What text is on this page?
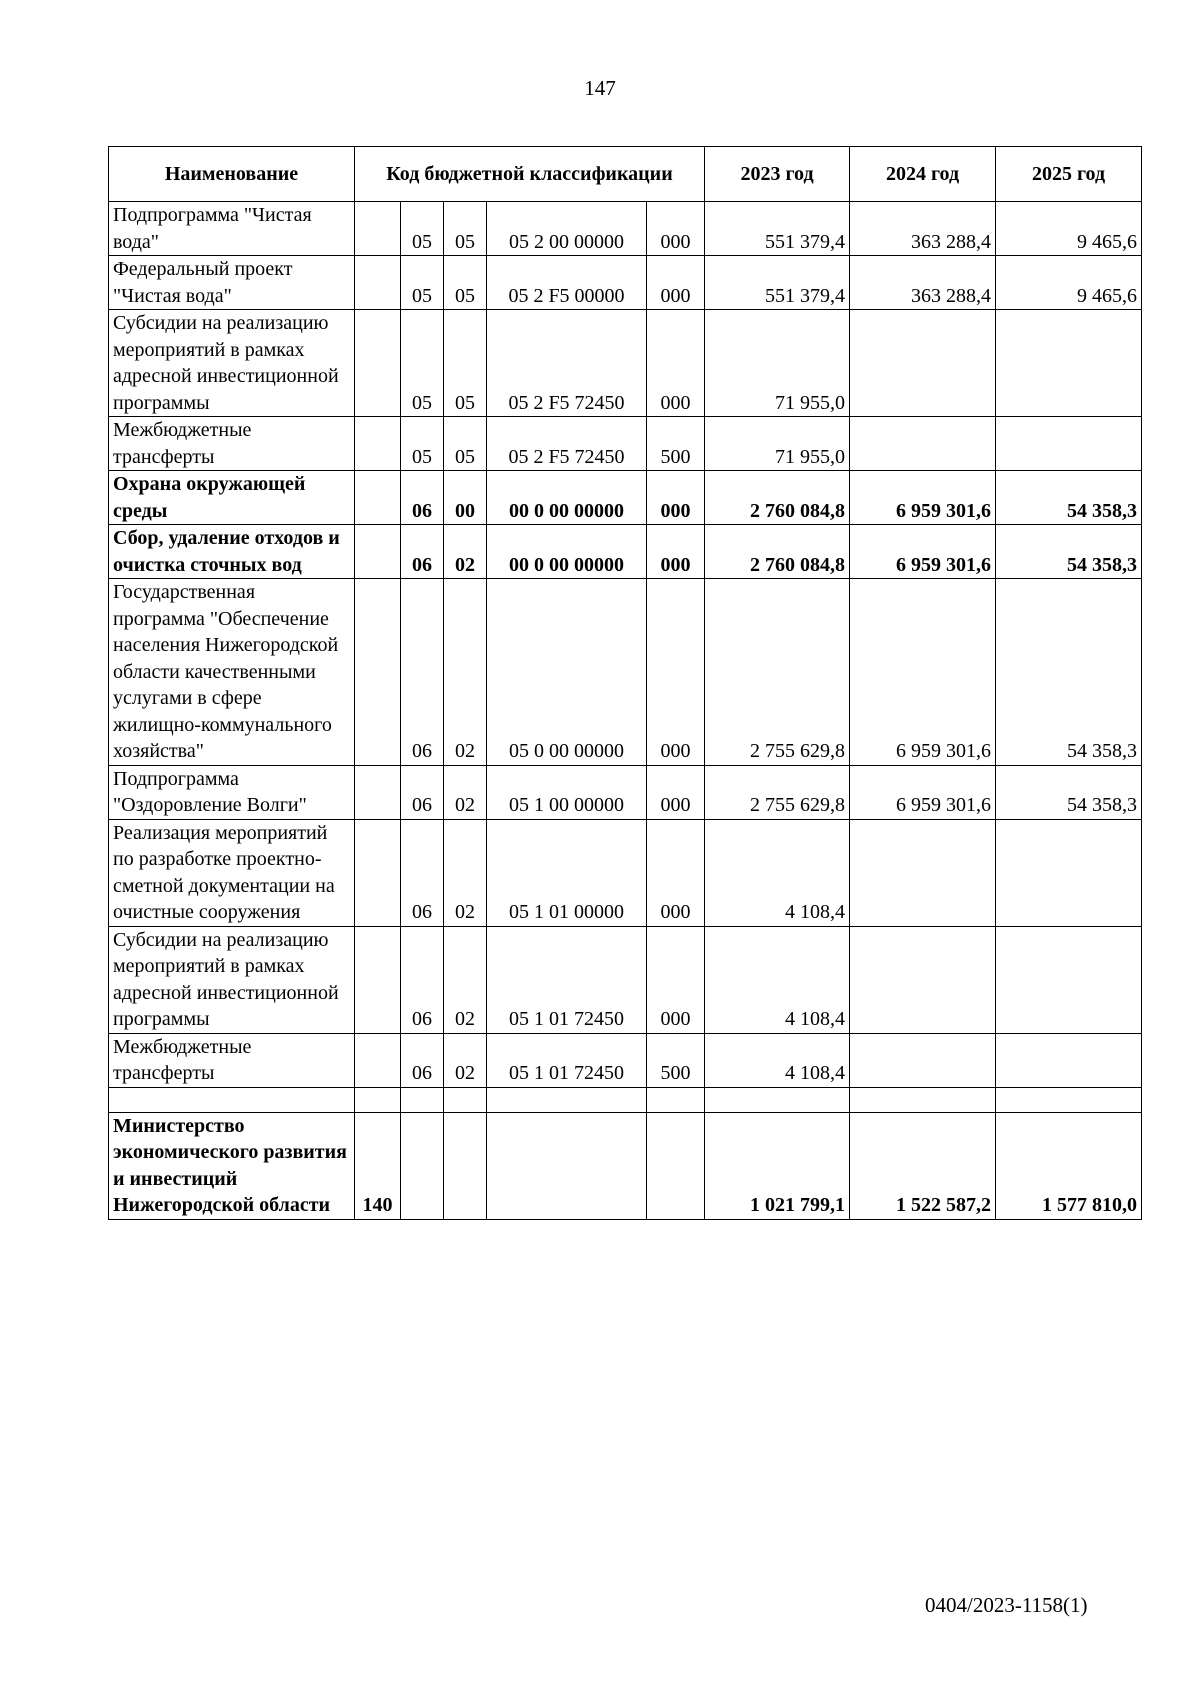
147
Наименование	Код бюджетной классификации					2023 год	2024 год	2025 год
Подпрограмма "Чистая вода"		05	05	05 2 00 00000	000	551 379,4	363 288,4	9 465,6
Федеральный проект "Чистая вода"		05	05	05 2 F5 00000	000	551 379,4	363 288,4	9 465,6
Субсидии на реализацию мероприятий в рамках адресной инвестиционной программы		05	05	05 2 F5 72450	000	71 955,0		
Межбюджетные трансферты		05	05	05 2 F5 72450	500	71 955,0		
Охрана окружающей среды		06	00	00 0 00 00000	000	2 760 084,8	6 959 301,6	54 358,3
Сбор, удаление отходов и очистка сточных вод		06	02	00 0 00 00000	000	2 760 084,8	6 959 301,6	54 358,3
Государственная программа "Обеспечение населения Нижегородской области качественными услугами в сфере жилищно-коммунального хозяйства"		06	02	05 0 00 00000	000	2 755 629,8	6 959 301,6	54 358,3
Подпрограмма "Оздоровление Волги"		06	02	05 1 00 00000	000	2 755 629,8	6 959 301,6	54 358,3
Реализация мероприятий по разработке проектно-сметной документации на очистные сооружения		06	02	05 1 01 00000	000	4 108,4		
Субсидии на реализацию мероприятий в рамках адресной инвестиционной программы		06	02	05 1 01 72450	000	4 108,4		
Межбюджетные трансферты		06	02	05 1 01 72450	500	4 108,4		

Министерство экономического развития и инвестиций Нижегородской области	140					1 021 799,1	1 522 587,2	1 577 810,0
0404/2023-1158(1)
